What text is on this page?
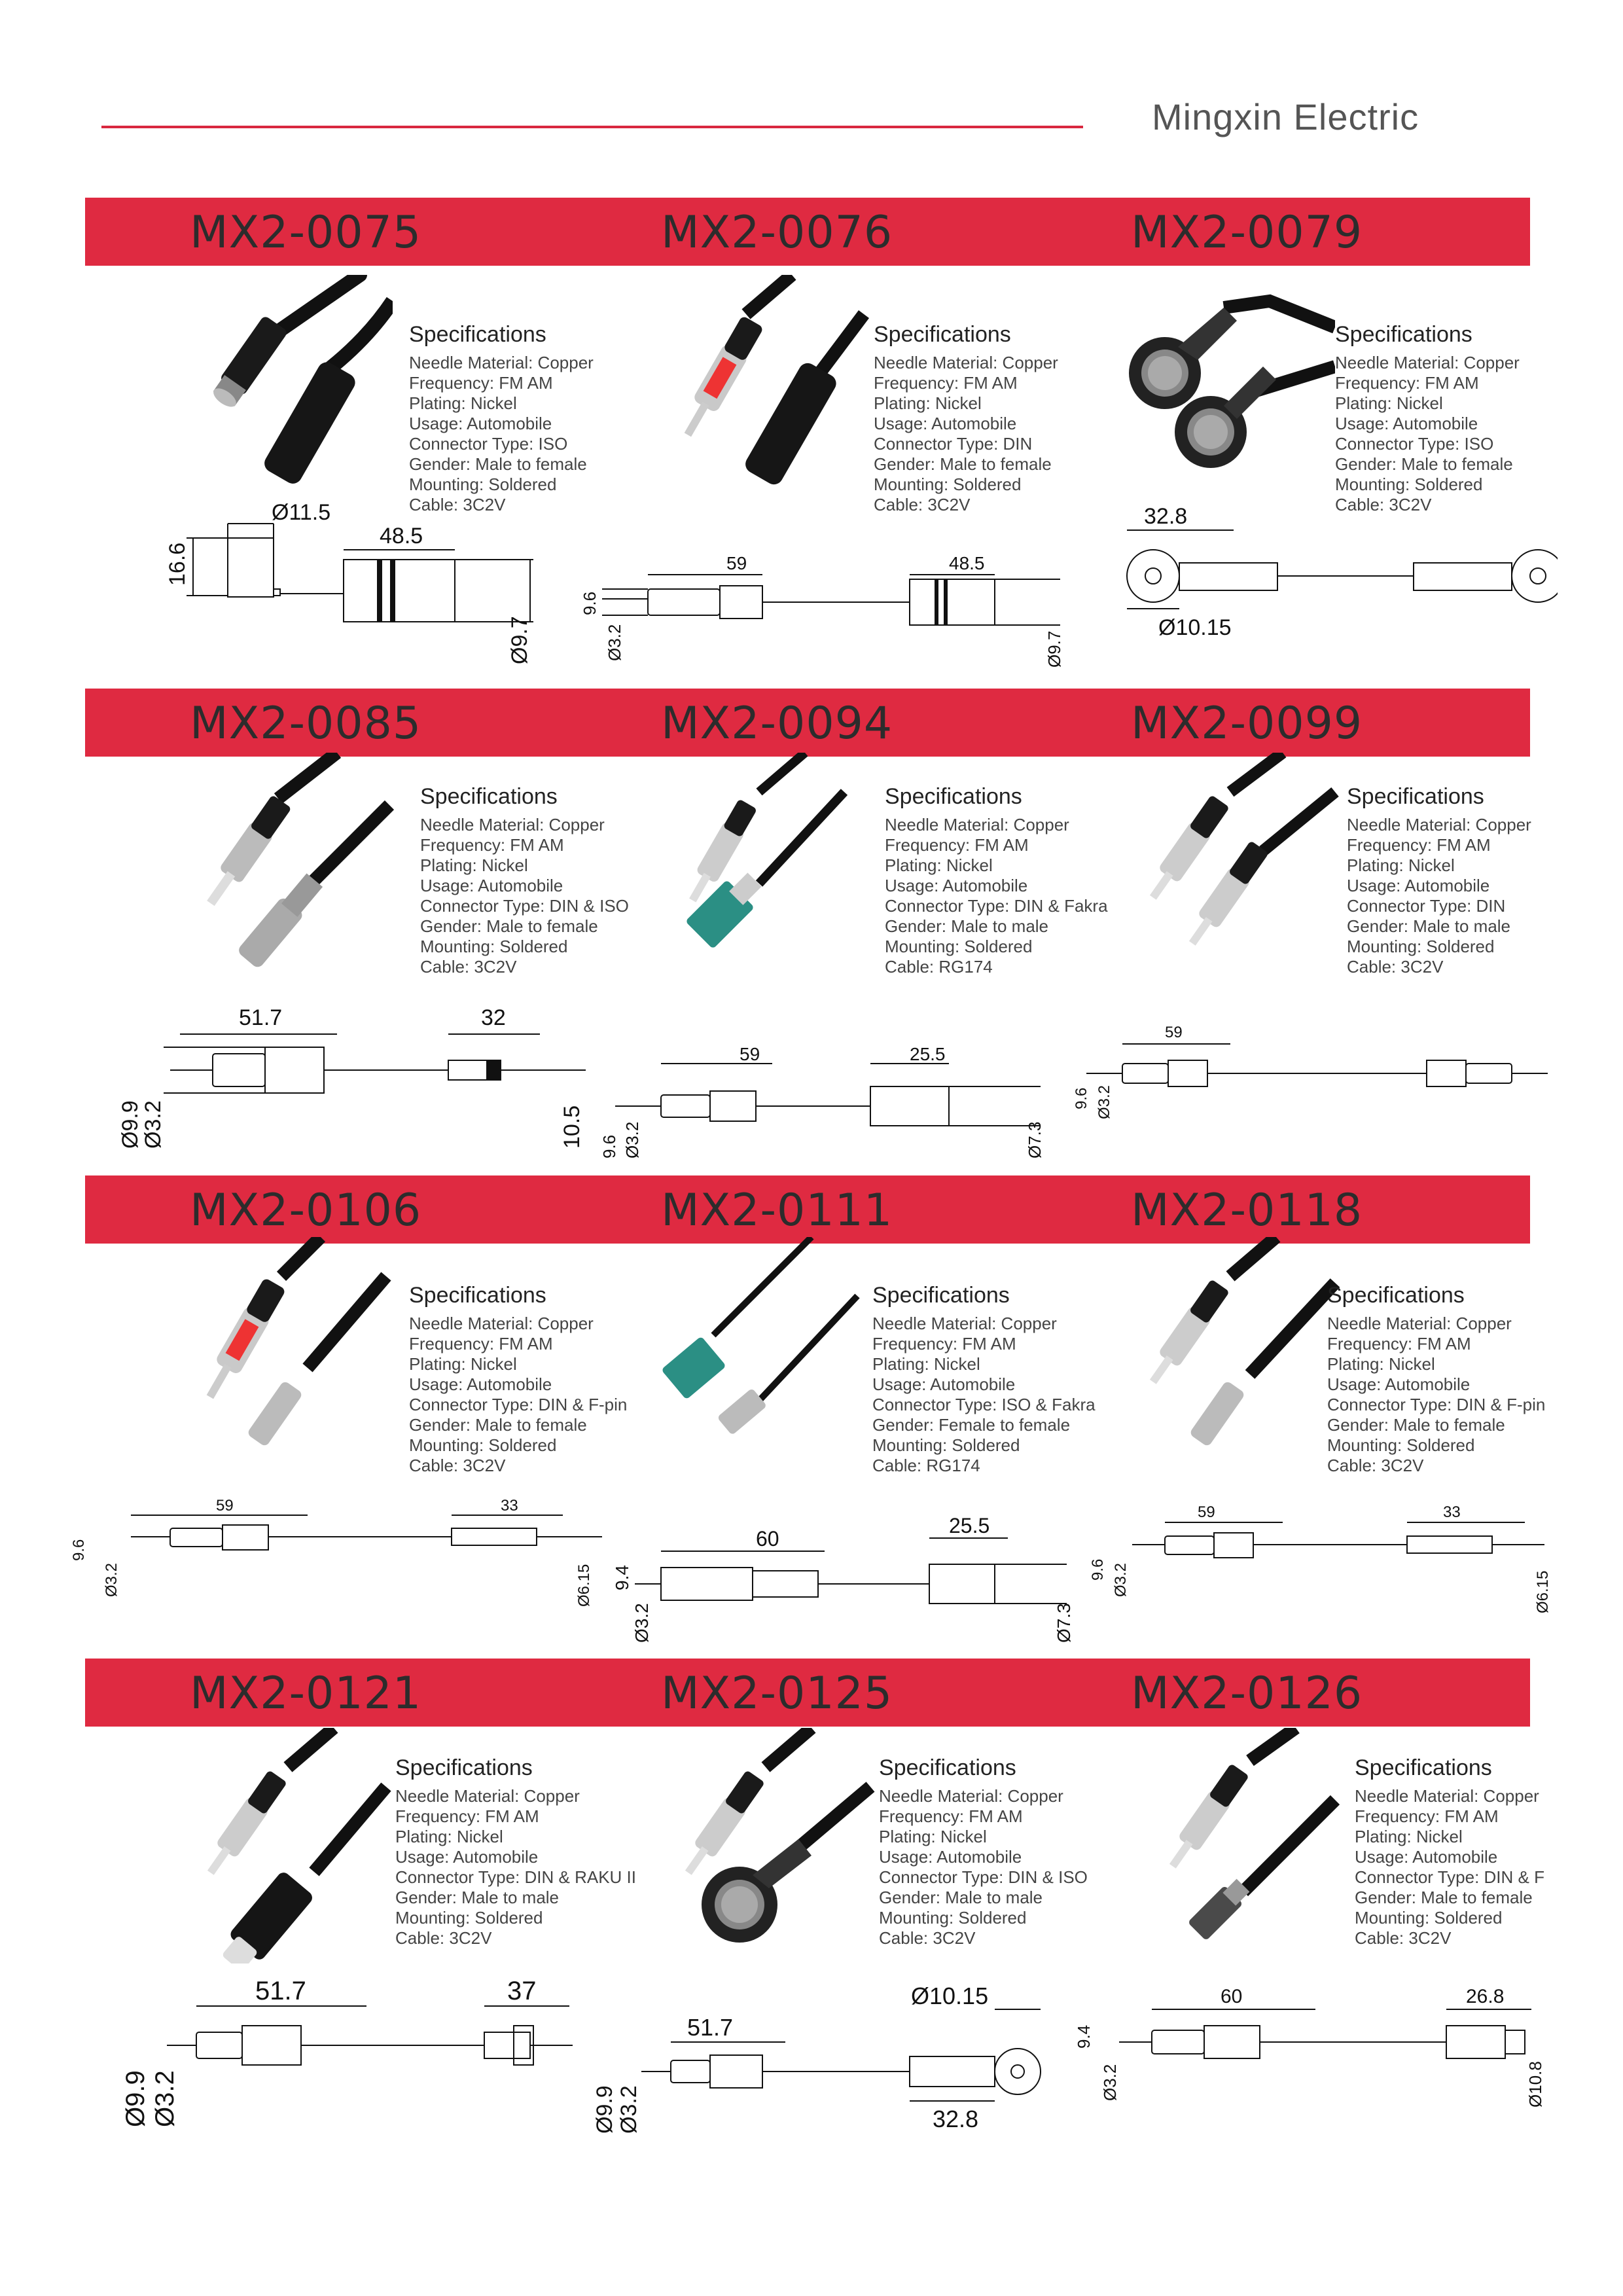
Mingxin Electric
MX2-0075	MX2-0076	MX2-0079
MX2-0085	MX2-0094	MX2-0099
MX2-0106	MX2-0111	MX2-0118
MX2-0121	MX2-0125	MX2-0126
Specifications
Needle Material: Copper
Frequency: FM AM
Plating: Nickel
Usage: Automobile
Connector Type: ISO
Gender: Male to female
Mounting: Soldered
Cable: 3C2V
Specifications
Needle Material: Copper
Frequency: FM AM
Plating: Nickel
Usage: Automobile
Connector Type: DIN
Gender: Male to female
Mounting: Soldered
Cable: 3C2V
Specifications
Needle Material: Copper
Frequency: FM AM
Plating: Nickel
Usage: Automobile
Connector Type: ISO
Gender: Male to female
Mounting: Soldered
Cable: 3C2V
Specifications
Needle Material: Copper
Frequency: FM AM
Plating: Nickel
Usage: Automobile
Connector Type: DIN & ISO
Gender: Male to female
Mounting: Soldered
Cable: 3C2V
Specifications
Needle Material: Copper
Frequency: FM AM
Plating: Nickel
Usage: Automobile
Connector Type: DIN & Fakra
Gender: Male to male
Mounting: Soldered
Cable: RG174
Specifications
Needle Material: Copper
Frequency: FM AM
Plating: Nickel
Usage: Automobile
Connector Type: DIN
Gender: Male to male
Mounting: Soldered
Cable: 3C2V
Specifications
Needle Material: Copper
Frequency: FM AM
Plating: Nickel
Usage: Automobile
Connector Type: DIN & F-pin
Gender: Male to female
Mounting: Soldered
Cable: 3C2V
Specifications
Needle Material: Copper
Frequency: FM AM
Plating: Nickel
Usage: Automobile
Connector Type: ISO & Fakra
Gender: Female to female
Mounting: Soldered
Cable: RG174
Specifications
Needle Material: Copper
Frequency: FM AM
Plating: Nickel
Usage: Automobile
Connector Type: DIN & F-pin
Gender: Male to female
Mounting: Soldered
Cable: 3C2V
Specifications
Needle Material: Copper
Frequency: FM AM
Plating: Nickel
Usage: Automobile
Connector Type: DIN & RAKU II
Gender: Male to male
Mounting: Soldered
Cable: 3C2V
Specifications
Needle Material: Copper
Frequency: FM AM
Plating: Nickel
Usage: Automobile
Connector Type: DIN & ISO
Gender: Male to male
Mounting: Soldered
Cable: 3C2V
Specifications
Needle Material: Copper
Frequency: FM AM
Plating: Nickel
Usage: Automobile
Connector Type: DIN & F
Gender: Male to female
Mounting: Soldered
Cable: 3C2V
Ø11.5
48.5
16.6
Ø9.7
59	48.5
9.6
Ø3.2	Ø9.7
32.8
Ø10.15
51.7	32
Ø9.9
Ø3.2	10.5
59	25.5
9.6 Ø3.2	Ø7.3
59
9.6 Ø3.2
59	33
9.6
Ø3.2	Ø6.15
60
25.5
9.4
Ø3.2	Ø7.3
59	33
9.6 Ø3.2	Ø6.15
51.7	37
Ø9.9 Ø3.2
Ø10.15
51.7
32.8
Ø9.9 Ø3.2
60	26.8
9.4
Ø3.2	Ø10.8
